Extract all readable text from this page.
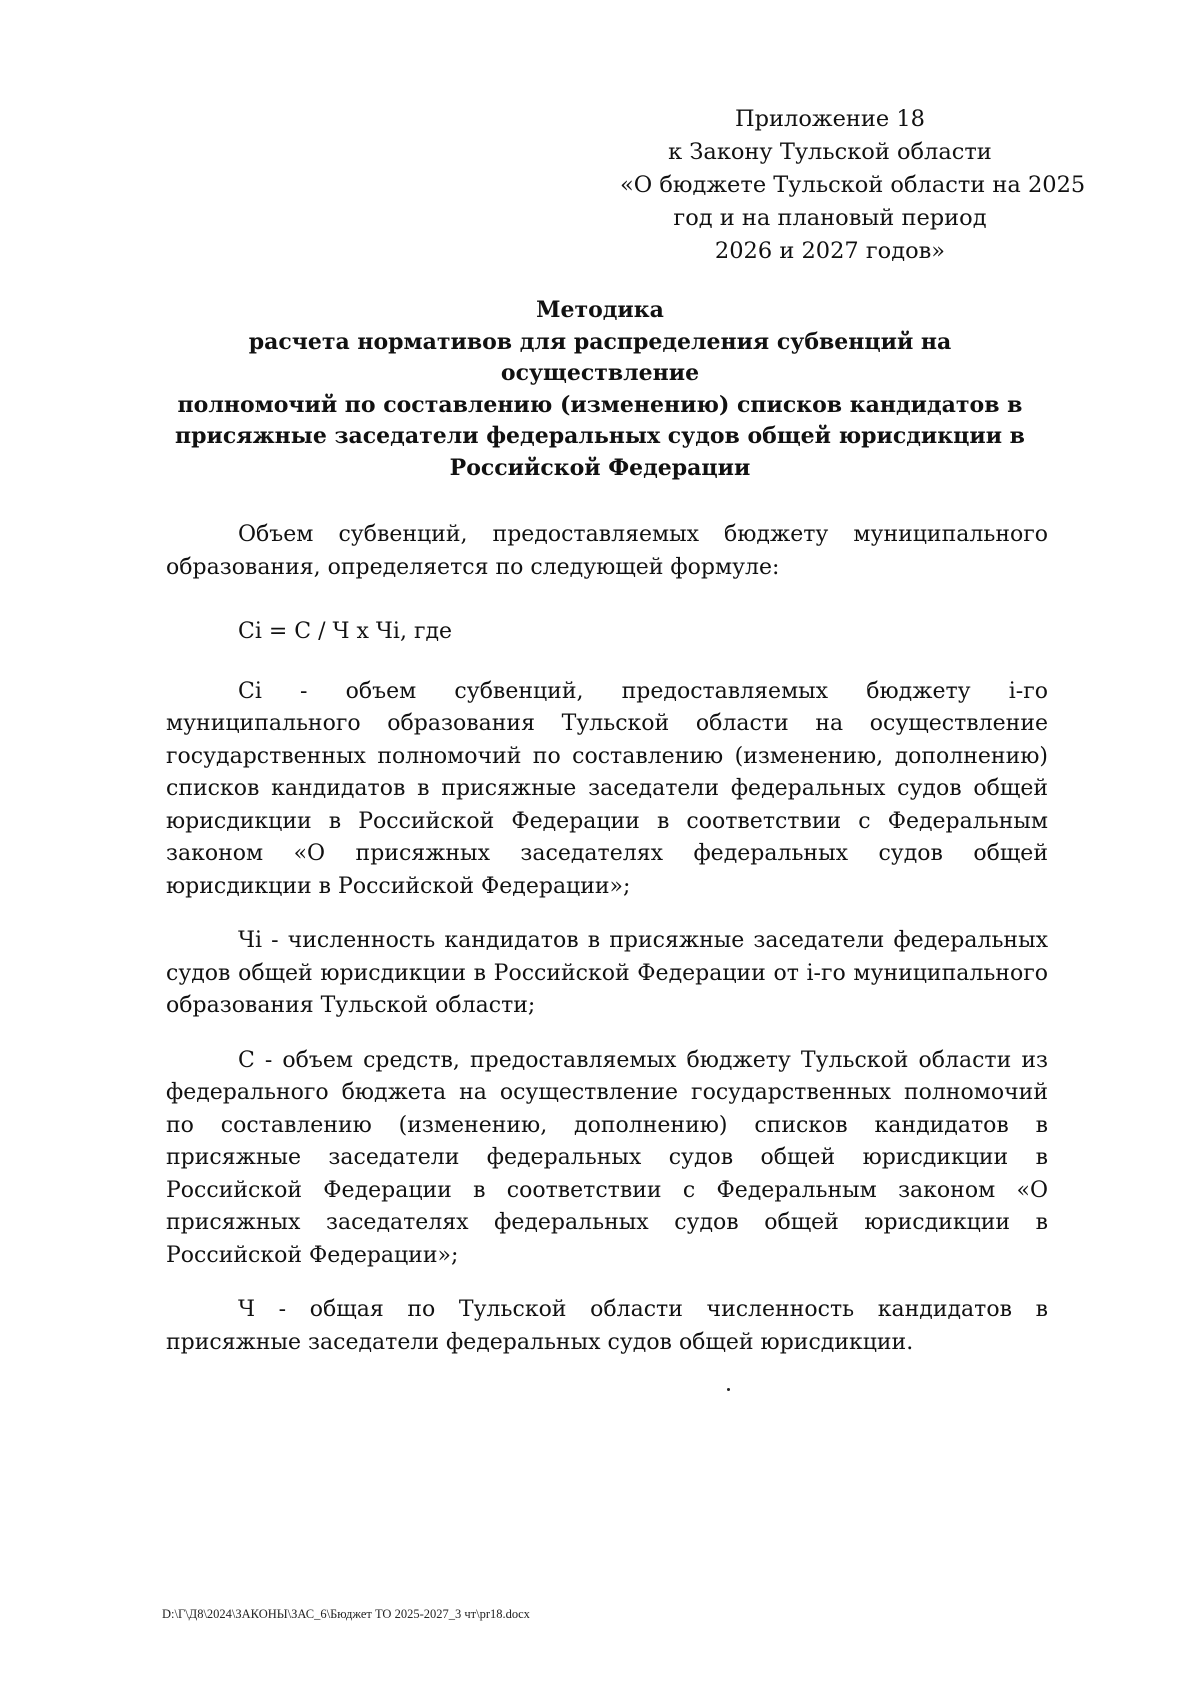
Приложение 18
к Закону Тульской области
«О бюджете Тульской области на 2025
год и на плановый период
2026 и 2027 годов»
Методика
расчета нормативов для распределения субвенций на осуществление
полномочий по составлению (изменению) списков кандидатов в
присяжные заседатели федеральных судов общей юрисдикции в
Российской Федерации

Объем субвенций, предоставляемых бюджету муниципального образования, определяется по следующей формуле:

Ci = С / Ч х Чi, где

Ci - объем субвенций, предоставляемых бюджету i-го муниципального образования Тульской области на осуществление государственных полномочий по составлению (изменению, дополнению) списков кандидатов в присяжные заседатели федеральных судов общей юрисдикции в Российской Федерации в соответствии с Федеральным законом «О присяжных заседателях федеральных судов общей юрисдикции в Российской Федерации»;

Чi - численность кандидатов в присяжные заседатели федеральных судов общей юрисдикции в Российской Федерации от i-го муниципального образования Тульской области;

С - объем средств, предоставляемых бюджету Тульской области из федерального бюджета на осуществление государственных полномочий по составлению (изменению, дополнению) списков кандидатов в присяжные заседатели федеральных судов общей юрисдикции в Российской Федерации в соответствии с Федеральным законом «О присяжных заседателях федеральных судов общей юрисдикции в Российской Федерации»;

Ч - общая по Тульской области численность кандидатов в присяжные заседатели федеральных судов общей юрисдикции.

D:\Г\Д8\2024\ЗАКОНЫ\ЗАС_6\Бюджет ТО 2025-2027_3 чт\pr18.docx
